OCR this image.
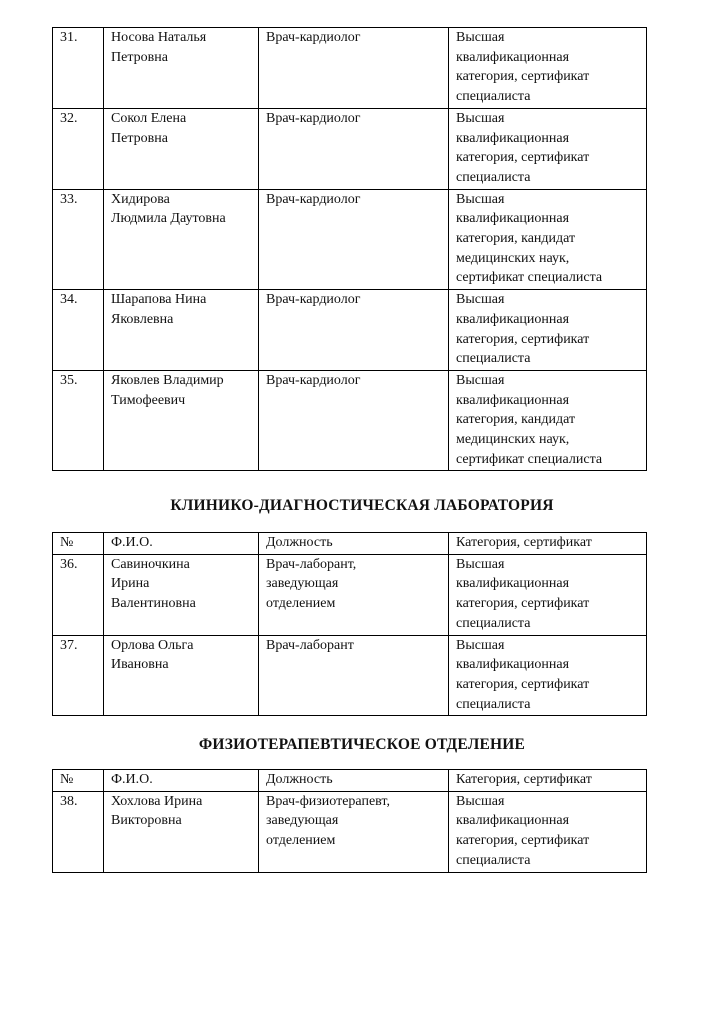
31.	Носова Наталья
Петровна	Врач-кардиолог	Высшая
квалификационная
категория, сертификат
специалиста

32.	Сокол Елена
Петровна	Врач-кардиолог	Высшая
квалификационная
категория, сертификат
специалиста

33.	Хидирова
Людмила Даутовна	Врач-кардиолог	Высшая
квалификационная
категория, кандидат
медицинских наук,
сертификат специалиста

34.	Шарапова Нина
Яковлевна	Врач-кардиолог	Высшая
квалификационная
категория, сертификат
специалиста

35.	Яковлев Владимир
Тимофеевич	Врач-кардиолог	Высшая
квалификационная
категория, кандидат
медицинских наук,
сертификат специалиста
КЛИНИКО-ДИАГНОСТИЧЕСКАЯ ЛАБОРАТОРИЯ
№	Ф.И.О.	Должность	Категория, сертификат
36.	Савиночкина
Ирина
Валентиновна	Врач-лаборант,
заведующая
отделением	Высшая
квалификационная
категория, сертификат
специалиста

37.	Орлова Ольга
Ивановна	Врач-лаборант	Высшая
квалификационная
категория, сертификат
специалиста
ФИЗИОТЕРАПЕВТИЧЕСКОЕ ОТДЕЛЕНИЕ
№	Ф.И.О.	Должность	Категория, сертификат
38.	Хохлова Ирина
Викторовна	Врач-физиотерапевт,
заведующая
отделением	Высшая
квалификационная
категория, сертификат
специалиста
